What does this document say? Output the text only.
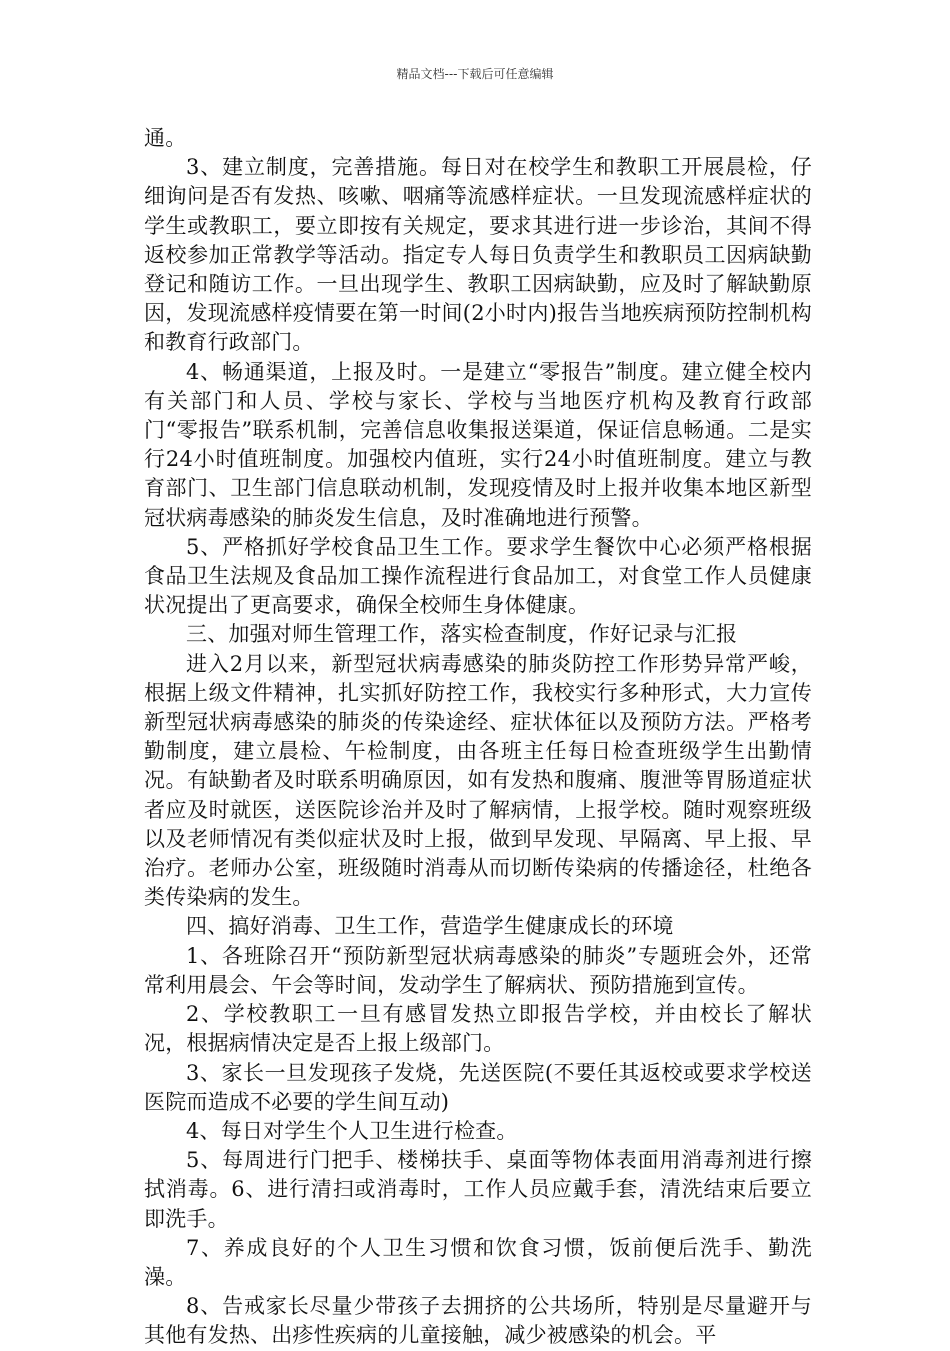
精品文档---下载后可任意编辑

通。

3、建立制度，完善措施。每日对在校学生和教职工开展晨检，仔细询问是否有发热、咳嗽、咽痛等流感样症状。一旦发现流感样症状的学生或教职工，要立即按有关规定，要求其进行进一步诊治，其间不得返校参加正常教学等活动。指定专人每日负责学生和教职员工因病缺勤登记和随访工作。一旦出现学生、教职工因病缺勤，应及时了解缺勤原因，发现流感样疫情要在第一时间(2小时内)报告当地疾病预防控制机构和教育行政部门。

4、畅通渠道，上报及时。一是建立“零报告”制度。建立健全校内有关部门和人员、学校与家长、学校与当地医疗机构及教育行政部门“零报告”联系机制，完善信息收集报送渠道，保证信息畅通。二是实行24小时值班制度。加强校内值班，实行24小时值班制度。建立与教育部门、卫生部门信息联动机制，发现疫情及时上报并收集本地区新型冠状病毒感染的肺炎发生信息，及时准确地进行预警。

5、严格抓好学校食品卫生工作。要求学生餐饮中心必须严格根据食品卫生法规及食品加工操作流程进行食品加工，对食堂工作人员健康状况提出了更高要求，确保全校师生身体健康。

三、加强对师生管理工作，落实检查制度，作好记录与汇报

进入2月以来，新型冠状病毒感染的肺炎防控工作形势异常严峻，根据上级文件精神，扎实抓好防控工作，我校实行多种形式，大力宣传新型冠状病毒感染的肺炎的传染途经、症状体征以及预防方法。严格考勤制度，建立晨检、午检制度，由各班主任每日检查班级学生出勤情况。有缺勤者及时联系明确原因，如有发热和腹痛、腹泄等胃肠道症状者应及时就医，送医院诊治并及时了解病情，上报学校。随时观察班级以及老师情况有类似症状及时上报，做到早发现、早隔离、早上报、早治疗。老师办公室，班级随时消毒从而切断传染病的传播途径，杜绝各类传染病的发生。

四、搞好消毒、卫生工作，营造学生健康成长的环境

1、各班除召开“预防新型冠状病毒感染的肺炎”专题班会外，还常常利用晨会、午会等时间，发动学生了解病状、预防措施到宣传。

2、学校教职工一旦有感冒发热立即报告学校，并由校长了解状况，根据病情决定是否上报上级部门。

3、家长一旦发现孩子发烧，先送医院(不要任其返校或要求学校送医院而造成不必要的学生间互动)

4、每日对学生个人卫生进行检查。

5、每周进行门把手、楼梯扶手、桌面等物体表面用消毒剂进行擦拭消毒。6、进行清扫或消毒时，工作人员应戴手套，清洗结束后要立即洗手。

7、养成良好的个人卫生习惯和饮食习惯，饭前便后洗手、勤洗澡。

8、告戒家长尽量少带孩子去拥挤的公共场所，特别是尽量避开与其他有发热、出疹性疾病的儿童接触，减少被感染的机会。平
